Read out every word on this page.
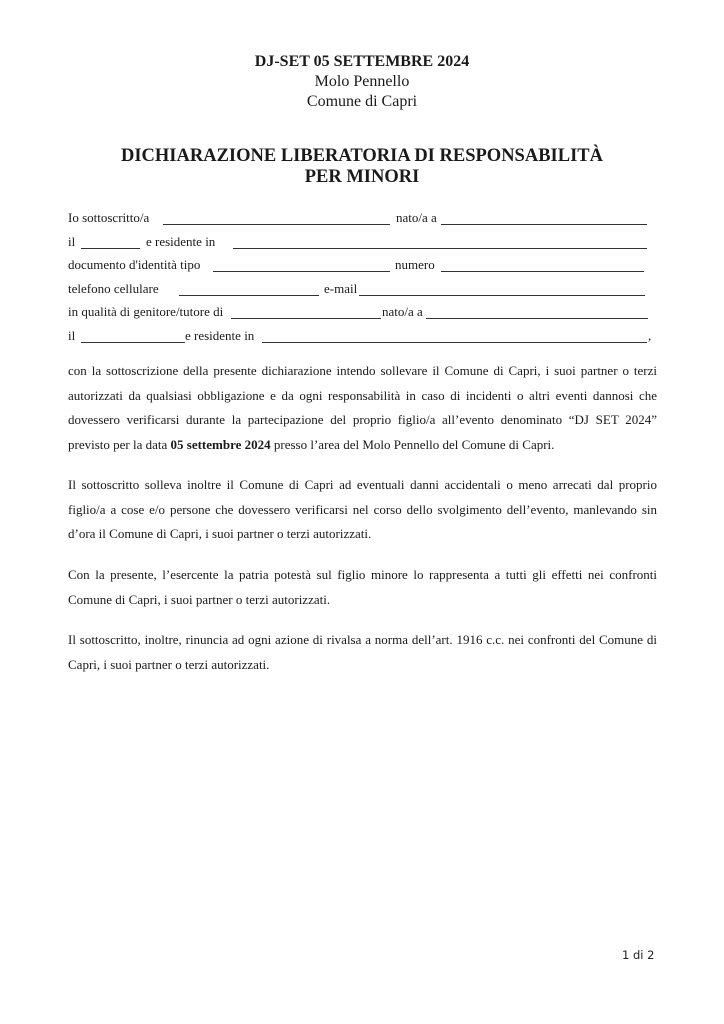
DJ-SET 05 SETTEMBRE 2024
Molo Pennello
Comune di Capri
DICHIARAZIONE LIBERATORIA DI RESPONSABILITÀ
PER MINORI
Io sottoscritto/a	nato/a a
il	e residente in
documento d'identità tipo	numero
telefono cellulare	e-mail
in qualità di genitore/tutore di	nato/a a
il	e residente in	,

con la sottoscrizione della presente dichiarazione intendo sollevare il Comune di Capri, i suoi partner o terzi autorizzati da qualsiasi obbligazione e da ogni responsabilità in caso di incidenti o altri eventi dannosi che dovessero verificarsi durante la partecipazione del proprio figlio/a all’evento denominato “DJ SET 2024” previsto per la data 05 settembre 2024 presso l’area del Molo Pennello del Comune di Capri.

Il sottoscritto solleva inoltre il Comune di Capri ad eventuali danni accidentali o meno arrecati dal proprio figlio/a a cose e/o persone che dovessero verificarsi nel corso dello svolgimento dell’evento, manlevando sin d’ora il Comune di Capri, i suoi partner o terzi autorizzati.

Con la presente, l’esercente la patria potestà sul figlio minore lo rappresenta a tutti gli effetti nei confronti Comune di Capri, i suoi partner o terzi autorizzati.

Il sottoscritto, inoltre, rinuncia ad ogni azione di rivalsa a norma dell’art. 1916 c.c. nei confronti del Comune di Capri, i suoi partner o terzi autorizzati.

1 di 2
